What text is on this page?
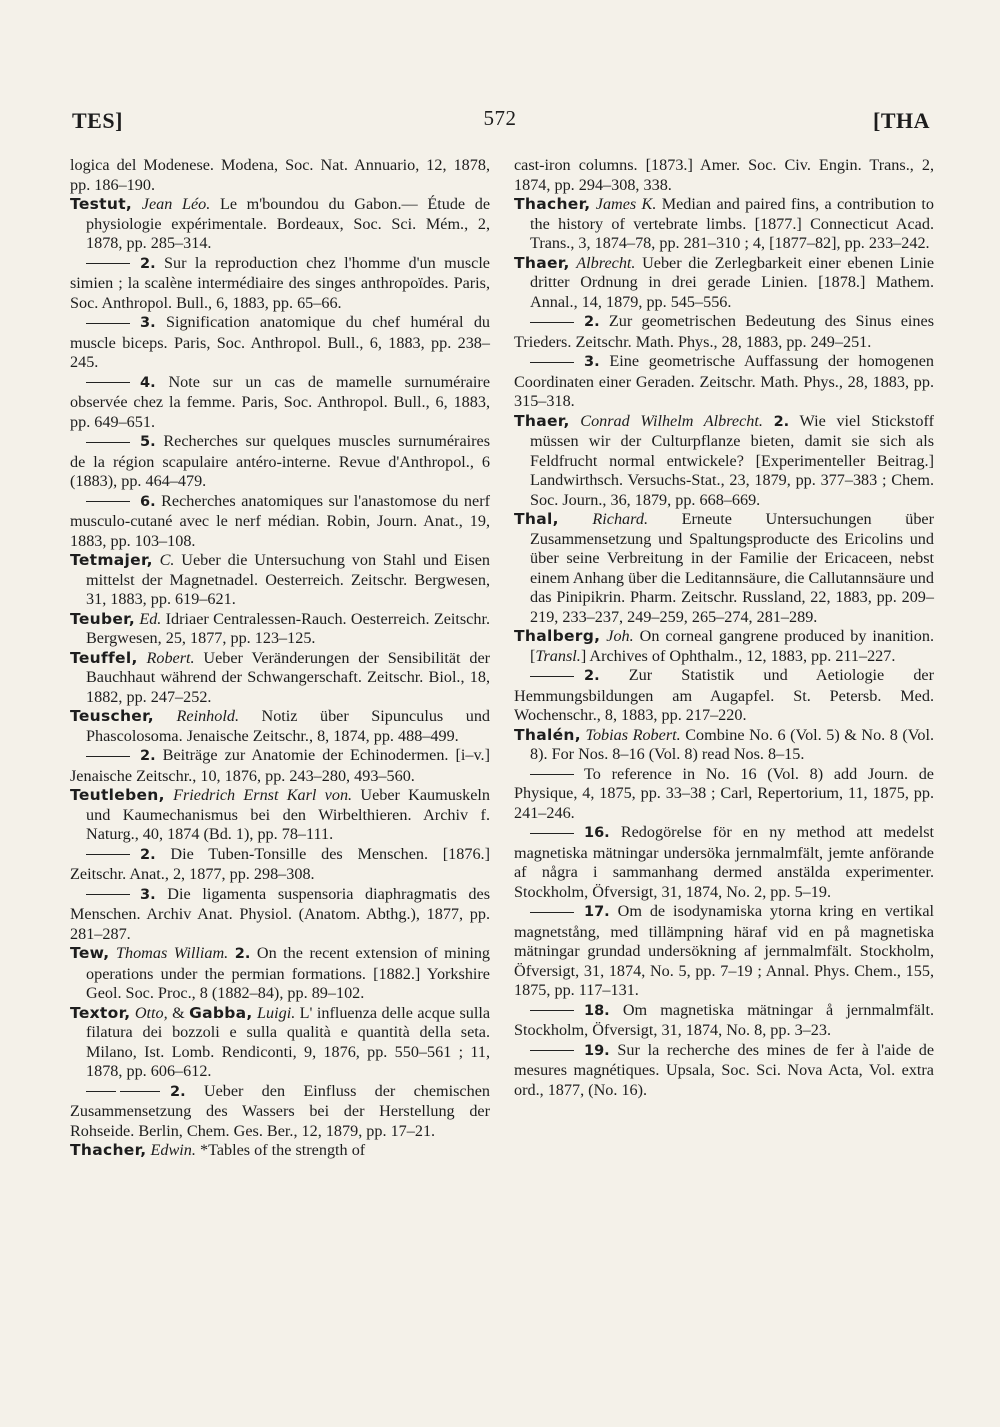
TES]	572	[THA

logica del Modenese. Modena, Soc. Nat. Annuario, 12, 1878, pp. 186–190.

Testut, Jean Léo. Le m'boundou du Gabon.— Étude de physiologie expérimentale. Bordeaux, Soc. Sci. Mém., 2, 1878, pp. 285–314.

2. Sur la reproduction chez l'homme d'un muscle simien ; la scalène intermédiaire des singes anthropoïdes. Paris, Soc. Anthropol. Bull., 6, 1883, pp. 65–66.

3. Signification anatomique du chef huméral du muscle biceps. Paris, Soc. Anthropol. Bull., 6, 1883, pp. 238–245.

4. Note sur un cas de mamelle surnuméraire observée chez la femme. Paris, Soc. Anthropol. Bull., 6, 1883, pp. 649–651.

5. Recherches sur quelques muscles surnuméraires de la région scapulaire antéro-interne. Revue d'Anthropol., 6 (1883), pp. 464–479.

6. Recherches anatomiques sur l'anastomose du nerf musculo-cutané avec le nerf médian. Robin, Journ. Anat., 19, 1883, pp. 103–108.

Tetmajer, C. Ueber die Untersuchung von Stahl und Eisen mittelst der Magnetnadel. Oesterreich. Zeitschr. Bergwesen, 31, 1883, pp. 619–621.

Teuber, Ed. Idriaer Centralessen-Rauch. Oesterreich. Zeitschr. Bergwesen, 25, 1877, pp. 123–125.

Teuffel, Robert. Ueber Veränderungen der Sensibilität der Bauchhaut während der Schwangerschaft. Zeitschr. Biol., 18, 1882, pp. 247–252.

Teuscher, Reinhold. Notiz über Sipunculus und Phascolosoma. Jenaische Zeitschr., 8, 1874, pp. 488–499.

2. Beiträge zur Anatomie der Echinodermen. [i–v.] Jenaische Zeitschr., 10, 1876, pp. 243–280, 493–560.

Teutleben, Friedrich Ernst Karl von. Ueber Kaumuskeln und Kaumechanismus bei den Wirbelthieren. Archiv f. Naturg., 40, 1874 (Bd. 1), pp. 78–111.

2. Die Tuben-Tonsille des Menschen. [1876.] Zeitschr. Anat., 2, 1877, pp. 298–308.

3. Die ligamenta suspensoria diaphragmatis des Menschen. Archiv Anat. Physiol. (Anatom. Abthg.), 1877, pp. 281–287.

Tew, Thomas William. 2. On the recent extension of mining operations under the permian formations. [1882.] Yorkshire Geol. Soc. Proc., 8 (1882–84), pp. 89–102.

Textor, Otto, & Gabba, Luigi. L' influenza delle acque sulla filatura dei bozzoli e sulla qualità e quantità della seta. Milano, Ist. Lomb. Rendiconti, 9, 1876, pp. 550–561 ; 11, 1878, pp. 606–612.

2. Ueber den Einfluss der chemischen Zusammensetzung des Wassers bei der Herstellung der Rohseide. Berlin, Chem. Ges. Ber., 12, 1879, pp. 17–21.

Thacher, Edwin. *Tables of the strength of

cast-iron columns. [1873.] Amer. Soc. Civ. Engin. Trans., 2, 1874, pp. 294–308, 338.

Thacher, James K. Median and paired fins, a contribution to the history of vertebrate limbs. [1877.] Connecticut Acad. Trans., 3, 1874–78, pp. 281–310 ; 4, [1877–82], pp. 233–242.

Thaer, Albrecht. Ueber die Zerlegbarkeit einer ebenen Linie dritter Ordnung in drei gerade Linien. [1878.] Mathem. Annal., 14, 1879, pp. 545–556.

2. Zur geometrischen Bedeutung des Sinus eines Trieders. Zeitschr. Math. Phys., 28, 1883, pp. 249–251.

3. Eine geometrische Auffassung der homogenen Coordinaten einer Geraden. Zeitschr. Math. Phys., 28, 1883, pp. 315–318.

Thaer, Conrad Wilhelm Albrecht. 2. Wie viel Stickstoff müssen wir der Culturpflanze bieten, damit sie sich als Feldfrucht normal entwickele? [Experimenteller Beitrag.] Landwirthsch. Versuchs-Stat., 23, 1879, pp. 377–383 ; Chem. Soc. Journ., 36, 1879, pp. 668–669.

Thal, Richard. Erneute Untersuchungen über Zusammensetzung und Spaltungsproducte des Ericolins und über seine Verbreitung in der Familie der Ericaceen, nebst einem Anhang über die Leditannsäure, die Callutannsäure und das Pinipikrin. Pharm. Zeitschr. Russland, 22, 1883, pp. 209–219, 233–237, 249–259, 265–274, 281–289.

Thalberg, Joh. On corneal gangrene produced by inanition. [Transl.] Archives of Ophthalm., 12, 1883, pp. 211–227.

2. Zur Statistik und Aetiologie der Hemmungsbildungen am Augapfel. St. Petersb. Med. Wochenschr., 8, 1883, pp. 217–220.

Thalén, Tobias Robert. Combine No. 6 (Vol. 5) & No. 8 (Vol. 8). For Nos. 8–16 (Vol. 8) read Nos. 8–15.

To reference in No. 16 (Vol. 8) add Journ. de Physique, 4, 1875, pp. 33–38 ; Carl, Repertorium, 11, 1875, pp. 241–246.

16. Redogörelse för en ny method att medelst magnetiska mätningar undersöka jernmalmfält, jemte anförande af några i sammanhang dermed anstälda experimenter. Stockholm, Öfversigt, 31, 1874, No. 2, pp. 5–19.

17. Om de isodynamiska ytorna kring en vertikal magnetstång, med tillämpning häraf vid en på magnetiska mätningar grundad undersökning af jernmalmfält. Stockholm, Öfversigt, 31, 1874, No. 5, pp. 7–19 ; Annal. Phys. Chem., 155, 1875, pp. 117–131.

18. Om magnetiska mätningar å jernmalmfält. Stockholm, Öfversigt, 31, 1874, No. 8, pp. 3–23.

19. Sur la recherche des mines de fer à l'aide de mesures magnétiques. Upsala, Soc. Sci. Nova Acta, Vol. extra ord., 1877, (No. 16).
